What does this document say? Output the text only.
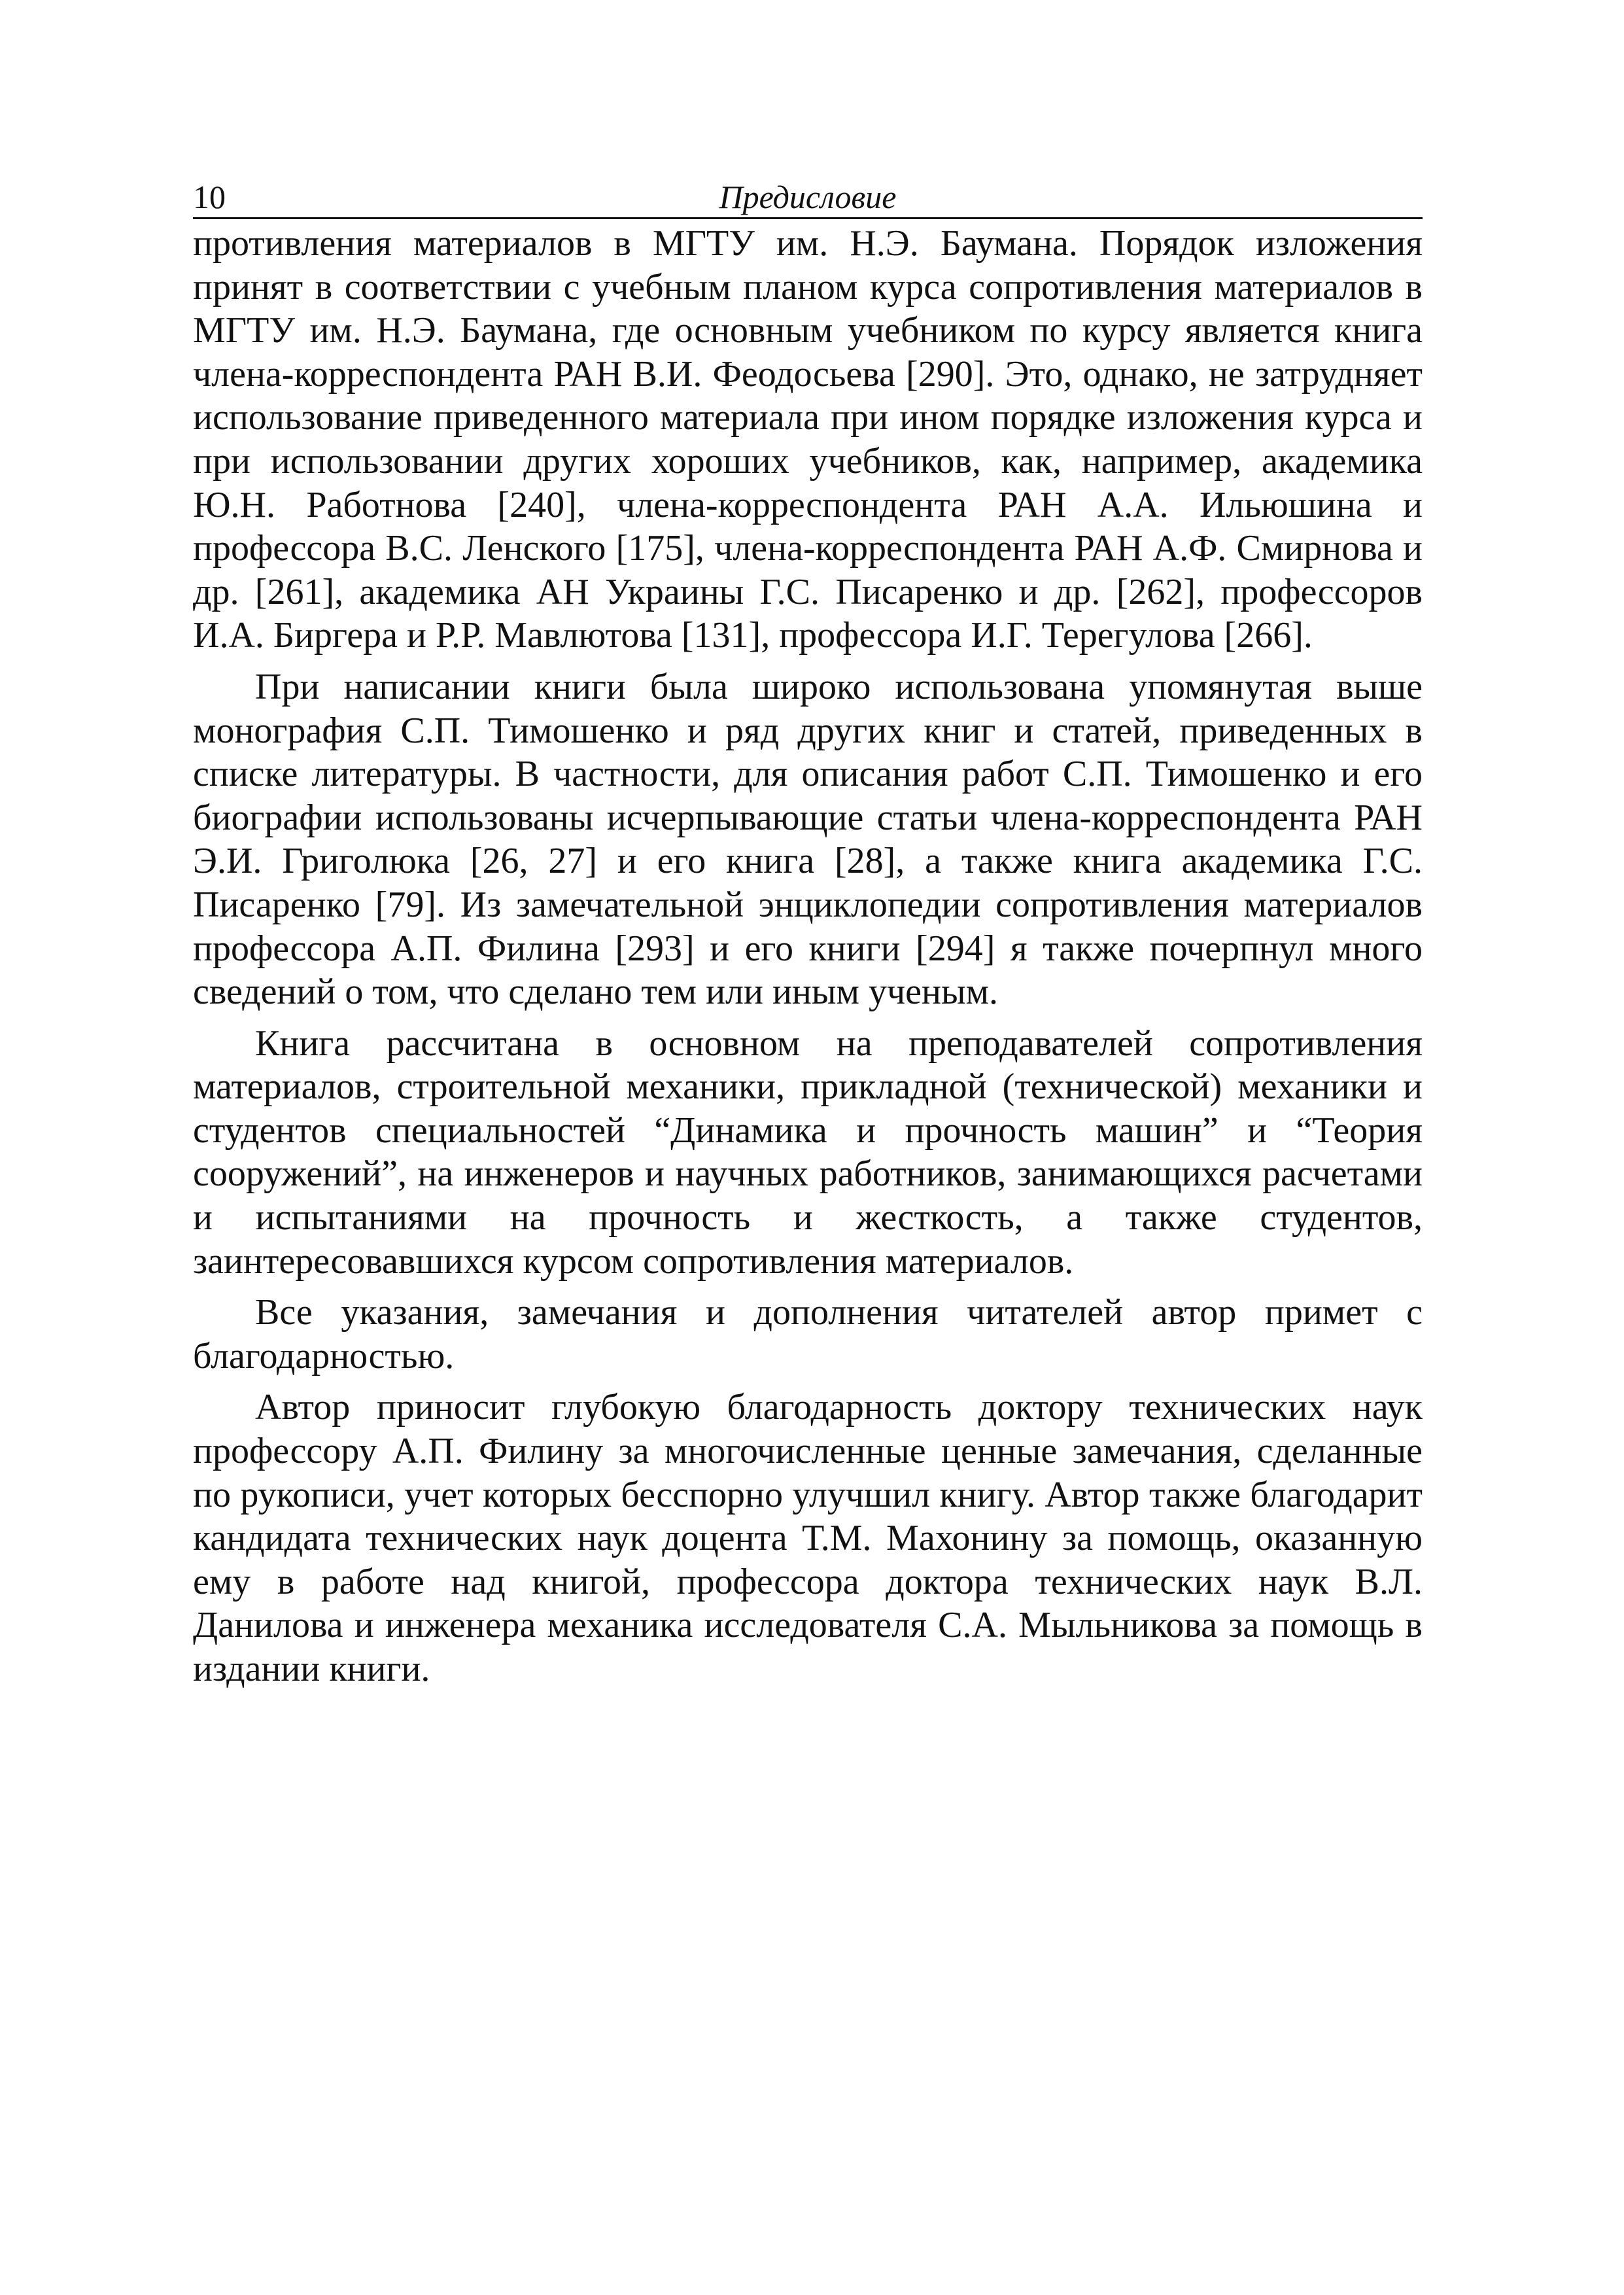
10	Предисловие

противления материалов в МГТУ им. Н.Э. Баумана. Порядок изложения принят в соответствии с учебным планом курса сопротивления материалов в МГТУ им. Н.Э. Баумана, где основным учебником по курсу является книга члена-корреспондента РАН В.И. Феодосьева [290]. Это, однако, не затрудняет использование приведенного материала при ином порядке изложения курса и при использовании других хороших учебников, как, например, академика Ю.Н. Работнова [240], члена-корреспондента РАН А.А. Ильюшина и профессора В.С. Ленского [175], члена-корреспондента РАН А.Ф. Смирнова и др. [261], академика АН Украины Г.С. Писаренко и др. [262], профессоров И.А. Биргера и Р.Р. Мавлютова [131], профессора И.Г. Терегулова [266].

При написании книги была широко использована упомянутая выше монография С.П. Тимошенко и ряд других книг и статей, приведенных в списке литературы. В частности, для описания работ С.П. Тимошенко и его биографии использованы исчерпывающие статьи члена-корреспондента РАН Э.И. Григолюка [26, 27] и его книга [28], а также книга академика Г.С. Писаренко [79]. Из замечательной энциклопедии сопротивления материалов профессора А.П. Филина [293] и его книги [294] я также почерпнул много сведений о том, что сделано тем или иным ученым.

Книга рассчитана в основном на преподавателей сопротивления материалов, строительной механики, прикладной (технической) механики и студентов специальностей “Динамика и прочность машин” и “Теория сооружений”, на инженеров и научных работников, занимающихся расчетами и испытаниями на прочность и жесткость, а также студентов, заинтересовавшихся курсом сопротивления материалов.

Все указания, замечания и дополнения читателей автор примет с благодарностью.

Автор приносит глубокую благодарность доктору технических наук профессору А.П. Филину за многочисленные ценные замечания, сделанные по рукописи, учет которых бесспорно улучшил книгу. Автор также благодарит кандидата технических наук доцента Т.М. Махонину за помощь, оказанную ему в работе над книгой, профессора доктора технических наук В.Л. Данилова и инженера механика исследователя С.А. Мыльникова за помощь в издании книги.
